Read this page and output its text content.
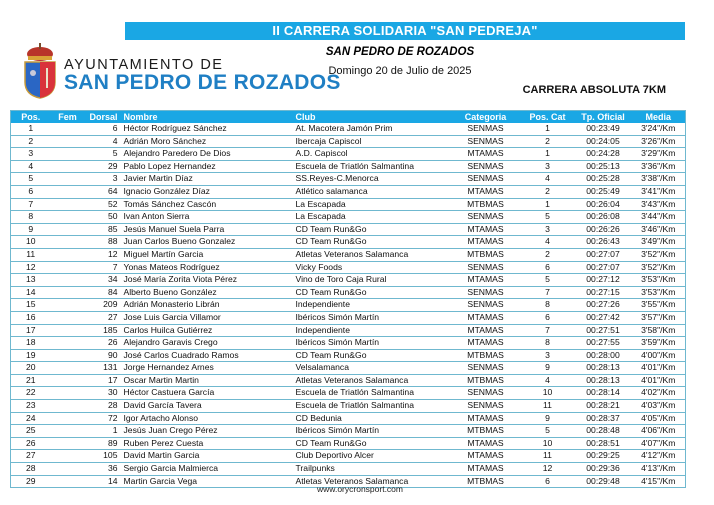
II CARRERA SOLIDARIA "SAN PEDREJA"
AYUNTAMIENTO DE
SAN PEDRO DE ROZADOS
SAN PEDRO DE ROZADOS
Domingo 20 de Julio de 2025
CARRERA ABSOLUTA 7KM
Pos.	Fem	Dorsal	Nombre	Club	Categoria	Pos. Cat	Tp. Oficial	Media
1		6	Héctor Rodríguez Sánchez	At. Macotera Jamón Prim	SENMAS	1	00:23:49	3'24"/Km
2		4	Adrián Moro Sánchez	Ibercaja Capiscol	SENMAS	2	00:24:05	3'26"/Km
3		5	Alejandro Paredero De Dios	A.D. Capiscol	MTAMAS	1	00:24:28	3'29"/Km
4		29	Pablo Lopez Hernandez	Escuela de Triatlón Salmantina	SENMAS	3	00:25:13	3'36"/Km
5		3	Javier Martin Díaz	SS.Reyes-C.Menorca	SENMAS	4	00:25:28	3'38"/Km
6		64	Ignacio González Díaz	Atlético salamanca	MTAMAS	2	00:25:49	3'41"/Km
7		52	Tomás Sánchez Cascón	La Escapada	MTBMAS	1	00:26:04	3'43"/Km
8		50	Ivan Anton Sierra	La Escapada	SENMAS	5	00:26:08	3'44"/Km
9		85	Jesús Manuel Suela Parra	CD Team Run&Go	MTAMAS	3	00:26:26	3'46"/Km
10		88	Juan Carlos Bueno Gonzalez	CD Team Run&Go	MTAMAS	4	00:26:43	3'49"/Km
11		12	Miguel Martín Garcia	Atletas Veteranos Salamanca	MTBMAS	2	00:27:07	3'52"/Km
12		7	Yonas Mateos Rodríguez	Vicky Foods	SENMAS	6	00:27:07	3'52"/Km
13		34	José María Zorita Viota Pérez	Vino de Toro Caja Rural	MTAMAS	5	00:27:12	3'53"/Km
14		84	Alberto Bueno González	CD Team Run&Go	SENMAS	7	00:27:15	3'53"/Km
15		209	Adrián Monasterio Librán	Independiente	SENMAS	8	00:27:26	3'55"/Km
16		27	Jose Luis Garcia Villamor	Ibéricos Simón Martín	MTAMAS	6	00:27:42	3'57"/Km
17		185	Carlos Huilca Gutiérrez	Independiente	MTAMAS	7	00:27:51	3'58"/Km
18		26	Alejandro Garavis Crego	Ibéricos Simón Martín	MTAMAS	8	00:27:55	3'59"/Km
19		90	José Carlos Cuadrado Ramos	CD Team Run&Go	MTBMAS	3	00:28:00	4'00"/Km
20		131	Jorge Hernandez Arnes	Velsalamanca	SENMAS	9	00:28:13	4'01"/Km
21		17	Oscar Martin Martin	Atletas Veteranos Salamanca	MTBMAS	4	00:28:13	4'01"/Km
22		30	Héctor Castuera García	Escuela de Triatlón Salmantina	SENMAS	10	00:28:14	4'02"/Km
23		28	David García Tavera	Escuela de Triatlón Salmantina	SENMAS	11	00:28:21	4'03"/Km
24		72	Igor Artacho Alonso	CD Bedunia	MTAMAS	9	00:28:37	4'05"/Km
25		1	Jesús Juan Crego Pérez	Ibéricos Simón Martín	MTBMAS	5	00:28:48	4'06"/Km
26		89	Ruben Perez Cuesta	CD Team Run&Go	MTAMAS	10	00:28:51	4'07"/Km
27		105	David Martin Garcia	Club Deportivo Alcer	MTAMAS	11	00:29:25	4'12"/Km
28		36	Sergio Garcia Malmierca	Trailpunks	MTAMAS	12	00:29:36	4'13"/Km
29		14	Martin Garcia Vega	Atletas Veteranos Salamanca	MTBMAS	6	00:29:48	4'15"/Km
www.orycronsport.com
